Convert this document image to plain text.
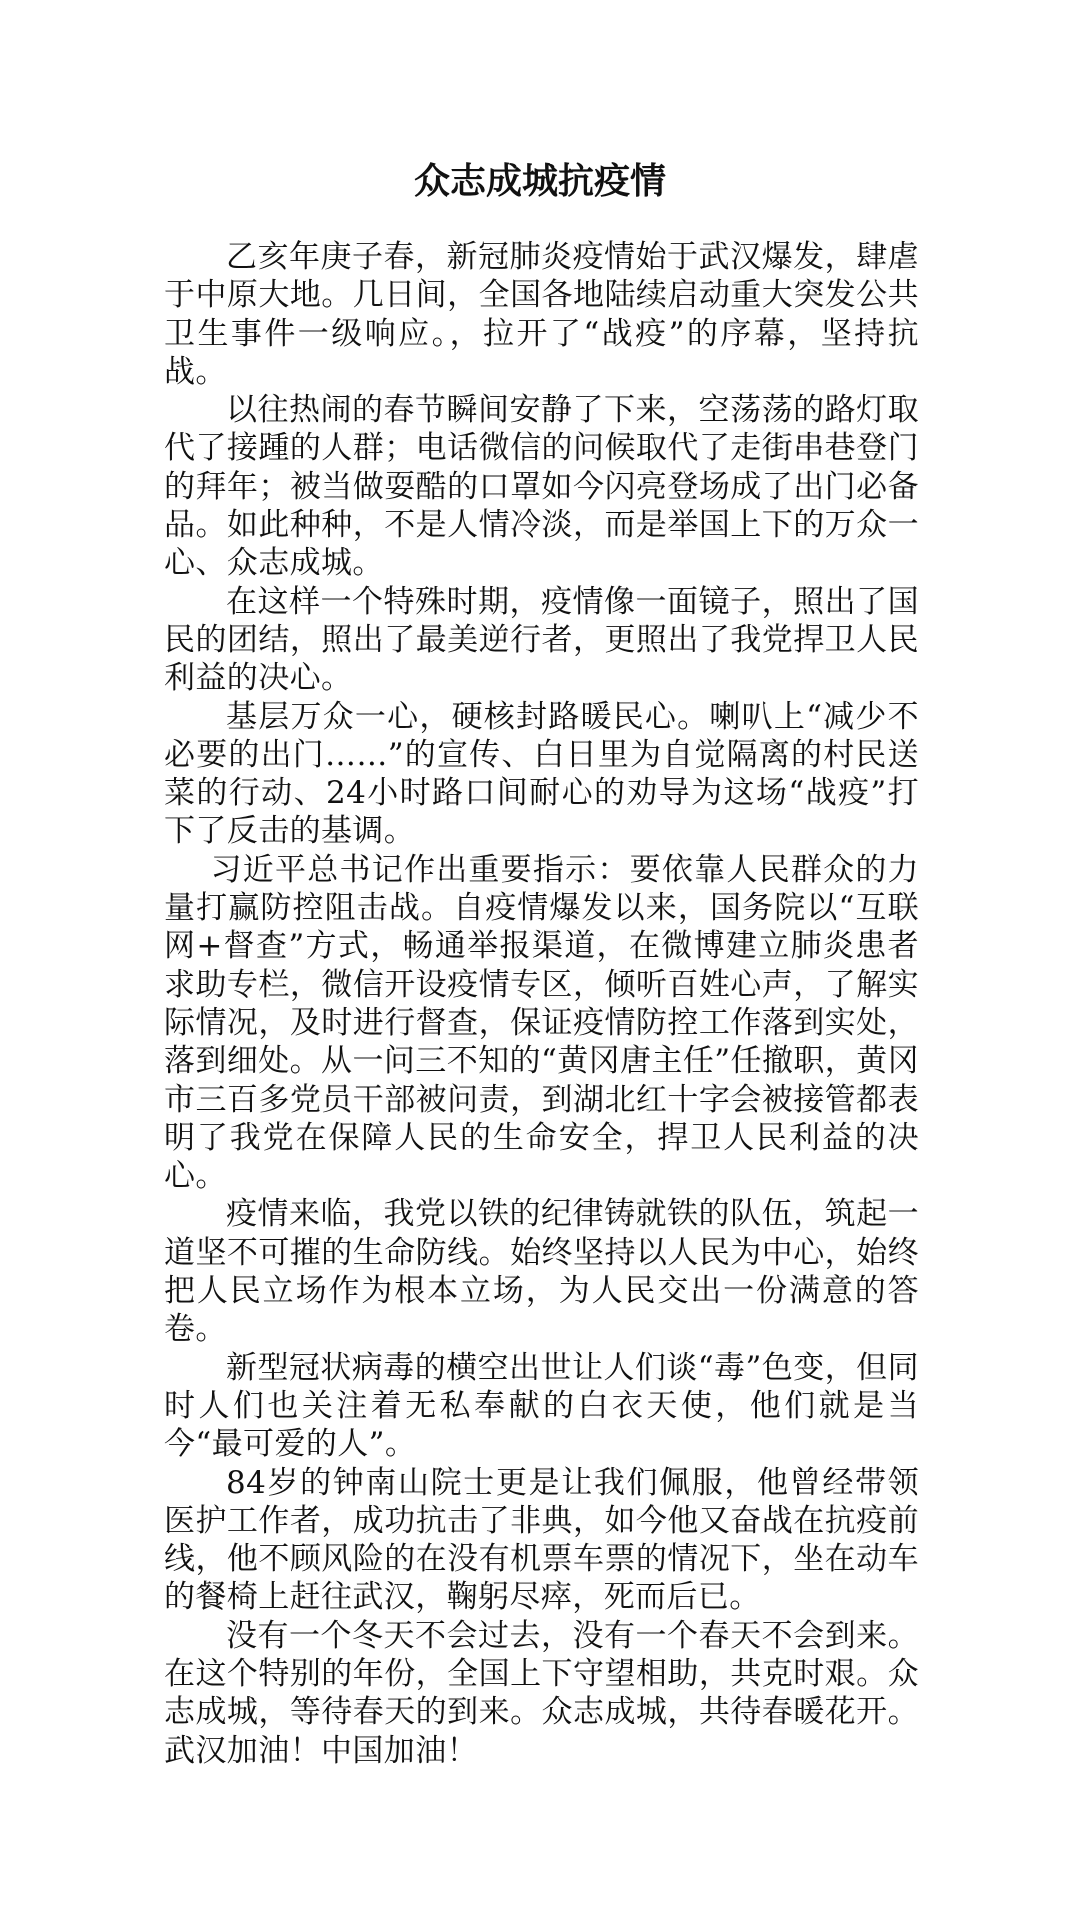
众志成城抗疫情

乙亥年庚子春，新冠肺炎疫情始于武汉爆发，肆虐于中原大地。几日间，全国各地陆续启动重大突发公共卫生事件一级响应。，拉开了“战疫”的序幕，坚持抗战。

以往热闹的春节瞬间安静了下来，空荡荡的路灯取代了接踵的人群；电话微信的问候取代了走街串巷登门的拜年；被当做耍酷的口罩如今闪亮登场成了出门必备品。如此种种，不是人情冷淡，而是举国上下的万众一心、众志成城。

在这样一个特殊时期，疫情像一面镜子，照出了国民的团结，照出了最美逆行者，更照出了我党捍卫人民利益的决心。

基层万众一心，硬核封路暖民心。喇叭上“减少不必要的出门……”的宣传、白日里为自觉隔离的村民送菜的行动、24小时路口间耐心的劝导为这场“战疫”打下了反击的基调。

习近平总书记作出重要指示：要依靠人民群众的力量打赢防控阻击战。自疫情爆发以来，国务院以“互联网+督查”方式，畅通举报渠道，在微博建立肺炎患者求助专栏，微信开设疫情专区，倾听百姓心声，了解实际情况，及时进行督查，保证疫情防控工作落到实处，落到细处。从一问三不知的“黄冈唐主任”任撤职，黄冈市三百多党员干部被问责，到湖北红十字会被接管都表明了我党在保障人民的生命安全，捍卫人民利益的决心。

疫情来临，我党以铁的纪律铸就铁的队伍，筑起一道坚不可摧的生命防线。始终坚持以人民为中心，始终把人民立场作为根本立场，为人民交出一份满意的答卷。

新型冠状病毒的横空出世让人们谈“毒”色变，但同时人们也关注着无私奉献的白衣天使，他们就是当今“最可爱的人”。

84岁的钟南山院士更是让我们佩服，他曾经带领医护工作者，成功抗击了非典，如今他又奋战在抗疫前线，他不顾风险的在没有机票车票的情况下，坐在动车的餐椅上赶往武汉，鞠躬尽瘁，死而后已。

没有一个冬天不会过去，没有一个春天不会到来。在这个特别的年份，全国上下守望相助，共克时艰。众志成城，等待春天的到来。众志成城，共待春暖花开。武汉加油！中国加油！
